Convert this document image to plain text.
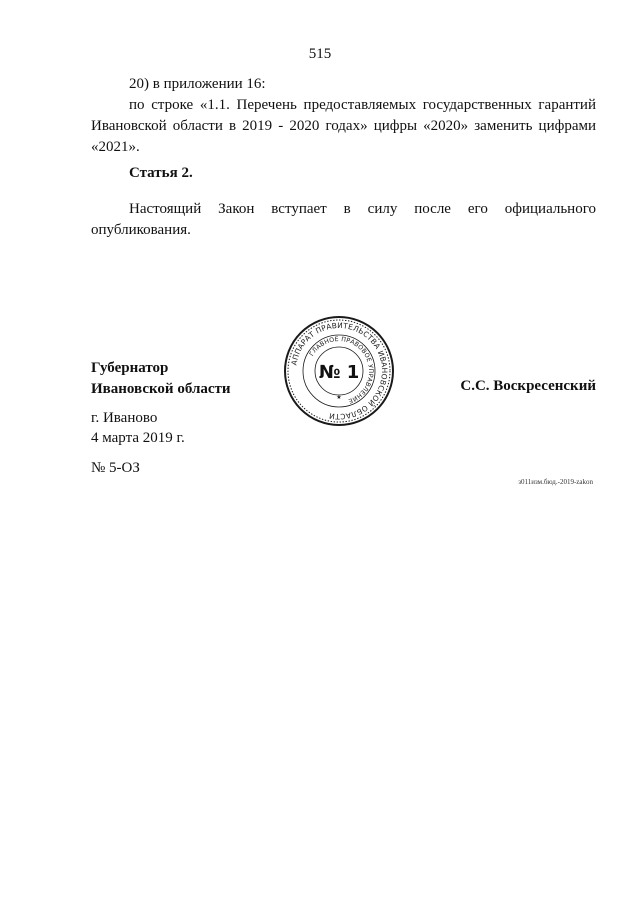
515

20) в приложении 16:

по строке «1.1. Перечень предоставляемых государственных гарантий Ивановской области в 2019 - 2020 годах» цифры «2020» заменить цифрами «2021».

Статья 2.

Настоящий Закон вступает в силу после его официального опубликования.

Губернатор
Ивановской области
АППАРАТ ПРАВИТЕЛЬСТВА ИВАНОВСКОЙ ОБЛАСТИ
ГЛАВНОЕ ПРАВОВОЕ УПРАВЛЕНИЕ
№ 1
★
С.С. Воскресенский
г. Иваново
4 марта 2019 г.
№ 5-ОЗ
з011изм.бюд.-2019-zakon
